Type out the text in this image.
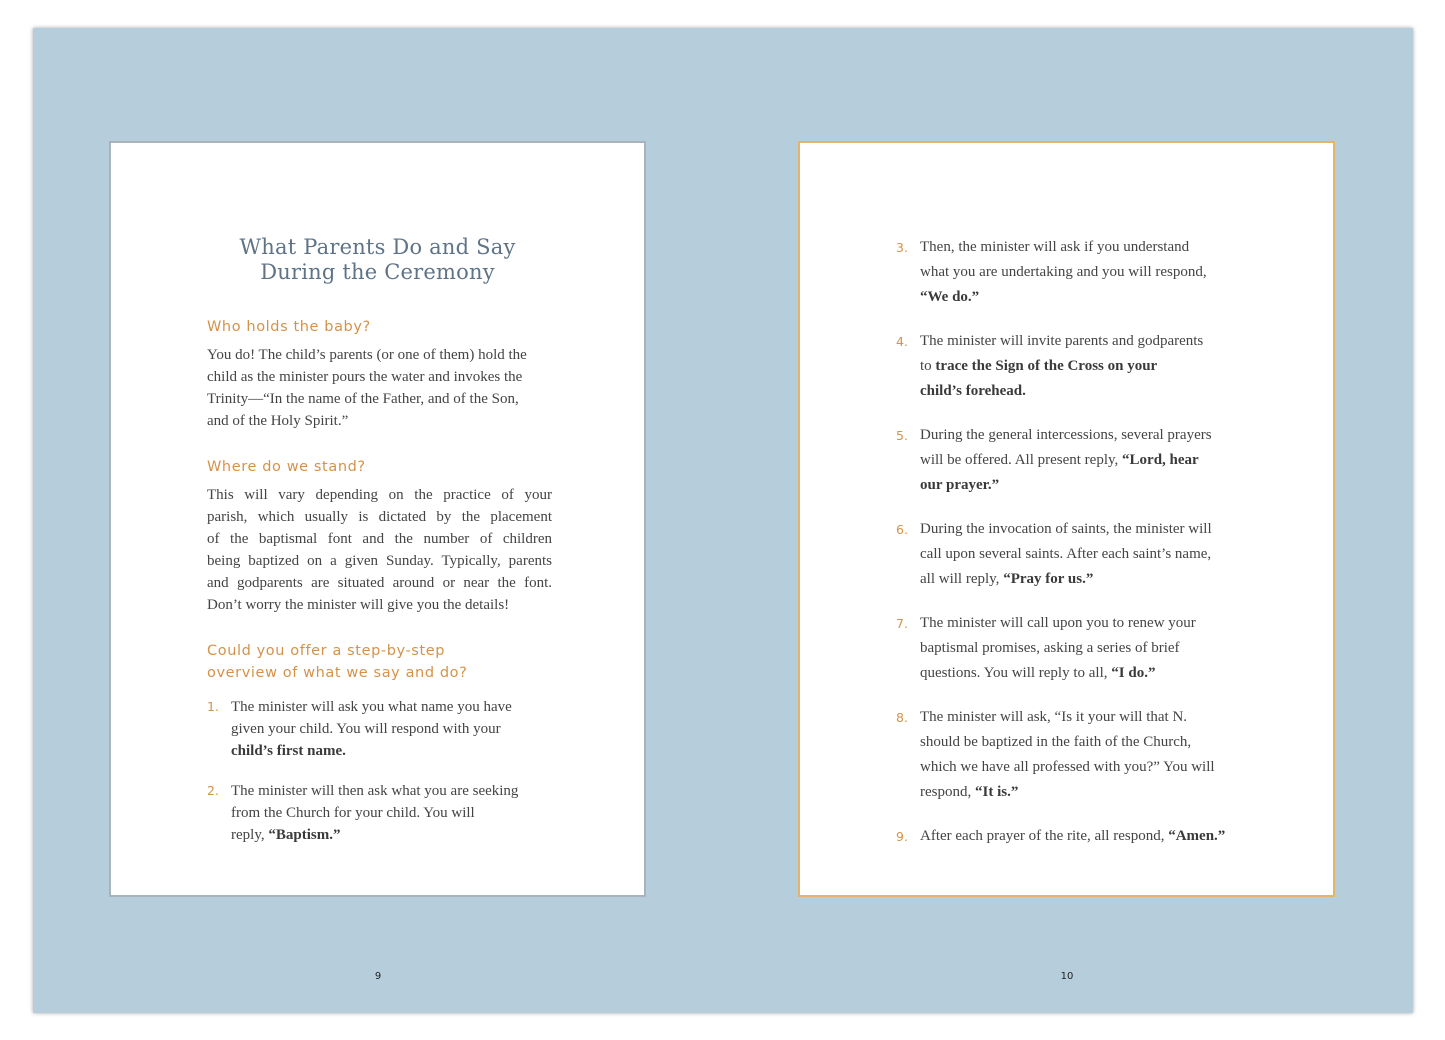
What Parents Do and Say
During the Ceremony
Who holds the baby?
You do! The child’s parents (or one of them) hold the
child as the minister pours the water and invokes the
Trinity—“In the name of the Father, and of the Son,
and of the Holy Spirit.”
Where do we stand?
This will vary depending on the practice of your
parish, which usually is dictated by the placement
of the baptismal font and the number of children
being baptized on a given Sunday. Typically, parents
and godparents are situated around or near the font.
Don’t worry the minister will give you the details!
Could you offer a step-by-step
overview of what we say and do?
1. The minister will ask you what name you have
given your child. You will respond with your
child’s first name.
2. The minister will then ask what you are seeking
from the Church for your child. You will
reply, “Baptism.”
3. Then, the minister will ask if you understand
what you are undertaking and you will respond,
“We do.”
4. The minister will invite parents and godparents
to trace the Sign of the Cross on your
child’s forehead.
5. During the general intercessions, several prayers
will be offered. All present reply, “Lord, hear
our prayer.”
6. During the invocation of saints, the minister will
call upon several saints. After each saint’s name,
all will reply, “Pray for us.”
7. The minister will call upon you to renew your
baptismal promises, asking a series of brief
questions. You will reply to all, “I do.”
8. The minister will ask, “Is it your will that N.
should be baptized in the faith of the Church,
which we have all professed with you?” You will
respond, “It is.”
9. After each prayer of the rite, all respond, “Amen.”
9	10
